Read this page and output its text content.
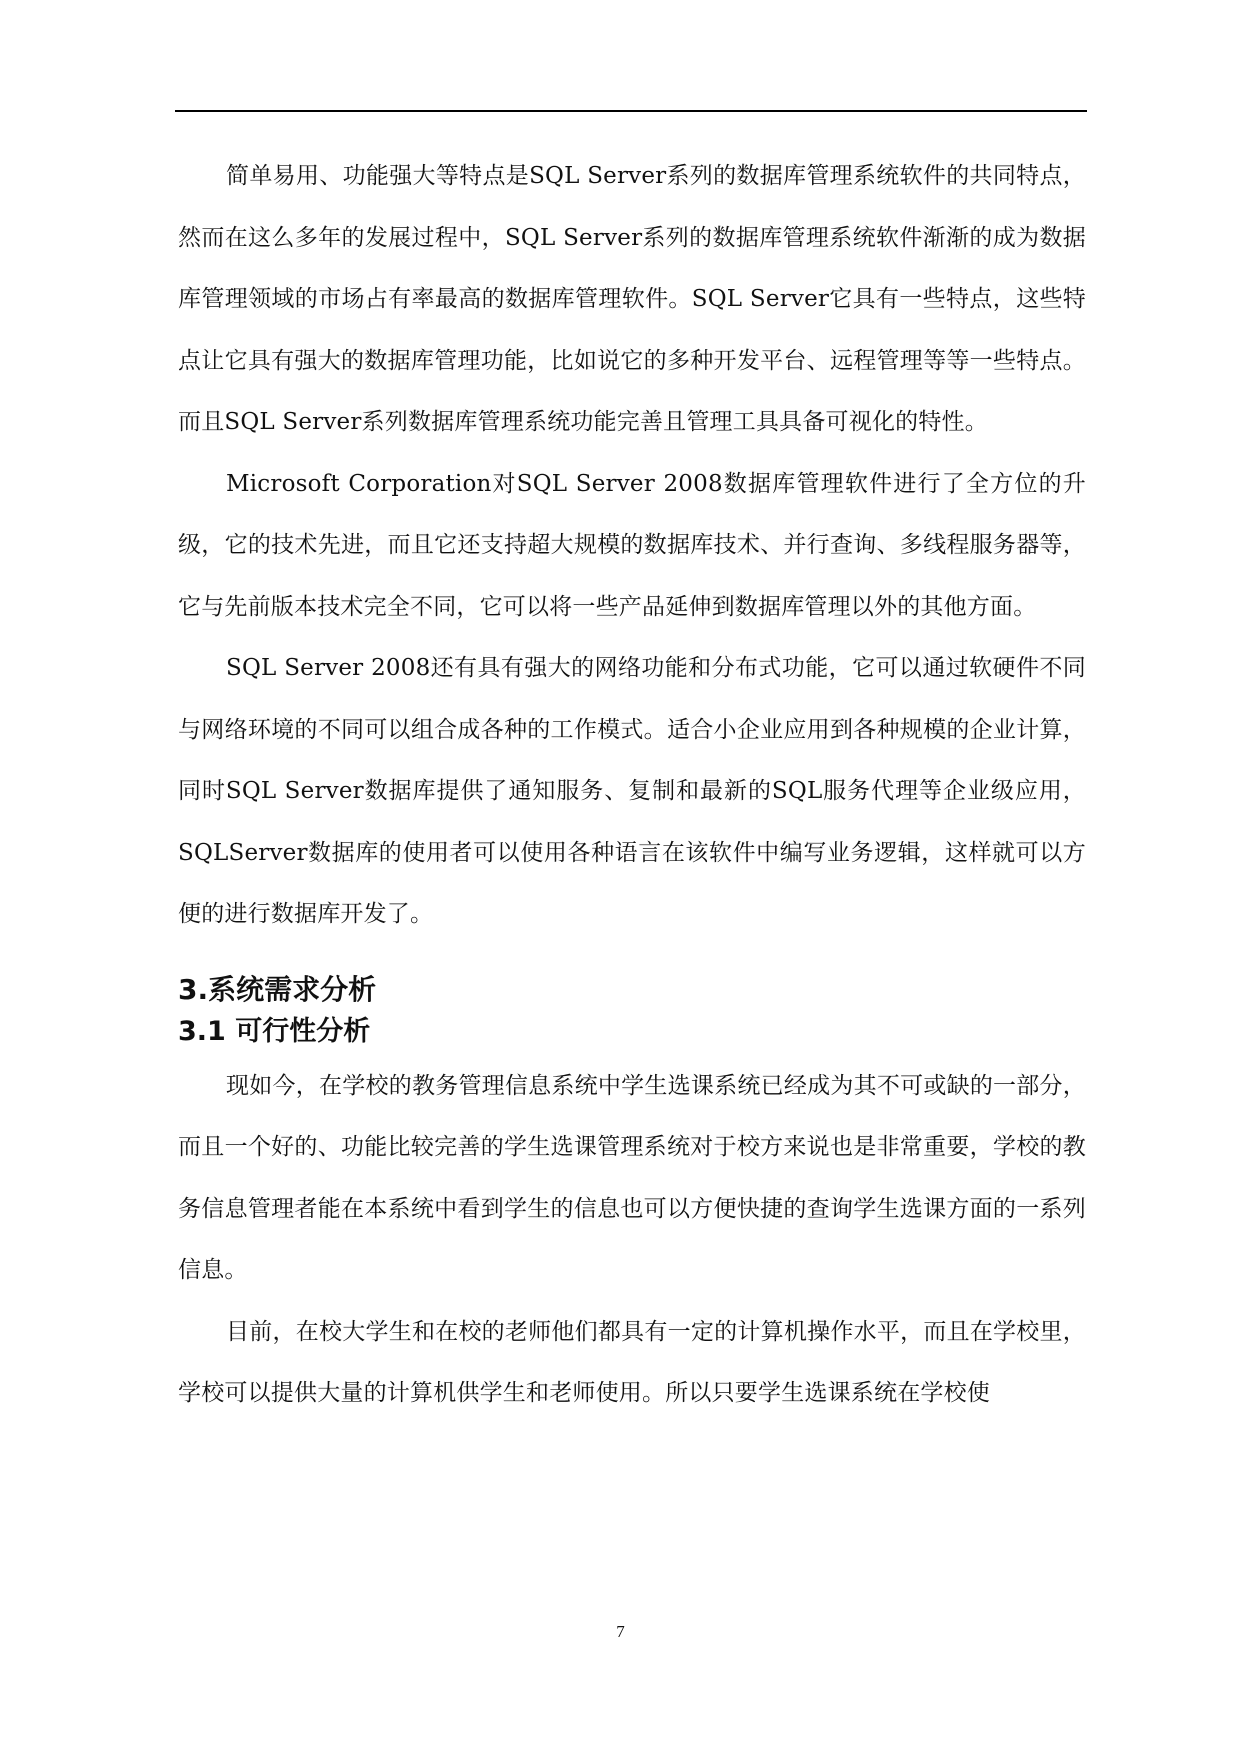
简单易用、功能强大等特点是SQL Server系列的数据库管理系统软件的共同特点，然而在这么多年的发展过程中，SQL Server系列的数据库管理系统软件渐渐的成为数据库管理领域的市场占有率最高的数据库管理软件。SQL Server它具有一些特点，这些特点让它具有强大的数据库管理功能，比如说它的多种开发平台、远程管理等等一些特点。而且SQL Server系列数据库管理系统功能完善且管理工具具备可视化的特性。

Microsoft Corporation对SQL Server 2008数据库管理软件进行了全方位的升级，它的技术先进，而且它还支持超大规模的数据库技术、并行查询、多线程服务器等，它与先前版本技术完全不同，它可以将一些产品延伸到数据库管理以外的其他方面。

SQL Server 2008还有具有强大的网络功能和分布式功能，它可以通过软硬件不同与网络环境的不同可以组合成各种的工作模式。适合小企业应用到各种规模的企业计算，同时SQL Server数据库提供了通知服务、复制和最新的SQL服务代理等企业级应用，SQLServer数据库的使用者可以使用各种语言在该软件中编写业务逻辑，这样就可以方便的进行数据库开发了。

3.系统需求分析
3.1 可行性分析

现如今，在学校的教务管理信息系统中学生选课系统已经成为其不可或缺的一部分，而且一个好的、功能比较完善的学生选课管理系统对于校方来说也是非常重要，学校的教务信息管理者能在本系统中看到学生的信息也可以方便快捷的查询学生选课方面的一系列信息。

目前，在校大学生和在校的老师他们都具有一定的计算机操作水平，而且在学校里，学校可以提供大量的计算机供学生和老师使用。所以只要学生选课系统在学校使

7
